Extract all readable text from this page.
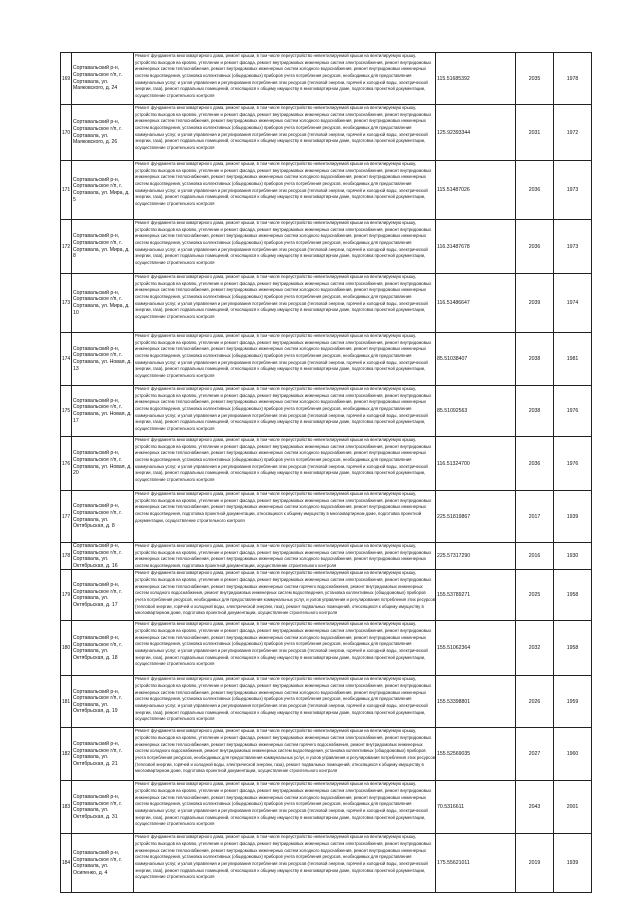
169	Сортавальский р-н, Сортавальское г/п, г. Сортавала, ул. Маяковского, д. 24	Ремонт фундамента многоквартирного дома, ремонт крыши, в том числе переустройство невентилируемой крыши на вентилируемую крышу, устройство выходов на кровлю, утепление и ремонт фасада, ремонт внутридомовых инженерных систем электроснабжения, ремонт внутридомовых инженерных систем теплоснабжения, ремонт внутридомовых инженерных систем холодного водоснабжения, ремонт внутридомовых инженерных систем водоотведения, установка коллективных (общедомовых) приборов учета потребления ресурсов, необходимых для предоставления коммунальных услуг, и узлов управления и регулирования потребления этих ресурсов (тепловой энергии, горячей и холодной воды, электрической энергии, газа), ремонт подвальных помещений, относящихся к общему имуществу в многоквартирном доме, подготовка проектной документации, осуществление строительного контроля	115.51685392	2035	1978
170	Сортавальский р-н, Сортавальское г/п, г. Сортавала, ул. Маяковского, д. 26	Ремонт фундамента многоквартирного дома, ремонт крыши, в том числе переустройство невентилируемой крыши на вентилируемую крышу, устройство выходов на кровлю, утепление и ремонт фасада, ремонт внутридомовых инженерных систем электроснабжения, ремонт внутридомовых инженерных систем теплоснабжения, ремонт внутридомовых инженерных систем холодного водоснабжения, ремонт внутридомовых инженерных систем водоотведения, установка коллективных (общедомовых) приборов учета потребления ресурсов, необходимых для предоставления коммунальных услуг, и узлов управления и регулирования потребления этих ресурсов (тепловой энергии, горячей и холодной воды, электрической энергии, газа), ремонт подвальных помещений, относящихся к общему имуществу в многоквартирном доме, подготовка проектной документации, осуществление строительного контроля	125.92393344	2031	1972
171	Сортавальский р-н, Сортавальское г/п, г. Сортавала, ул. Мира, д. 5	Ремонт фундамента многоквартирного дома, ремонт крыши, в том числе переустройство невентилируемой крыши на вентилируемую крышу, устройство выходов на кровлю, утепление и ремонт фасада, ремонт внутридомовых инженерных систем электроснабжения, ремонт внутридомовых инженерных систем теплоснабжения, ремонт внутридомовых инженерных систем холодного водоснабжения, ремонт внутридомовых инженерных систем водоотведения, установка коллективных (общедомовых) приборов учета потребления ресурсов, необходимых для предоставления коммунальных услуг, и узлов управления и регулирования потребления этих ресурсов (тепловой энергии, горячей и холодной воды, электрической энергии, газа), ремонт подвальных помещений, относящихся к общему имуществу в многоквартирном доме, подготовка проектной документации, осуществление строительного контроля	115.51487026	2036	1973
172	Сортавальский р-н, Сортавальское г/п, г. Сортавала, ул. Мира, д. 8	Ремонт фундамента многоквартирного дома, ремонт крыши, в том числе переустройство невентилируемой крыши на вентилируемую крышу, устройство выходов на кровлю, утепление и ремонт фасада, ремонт внутридомовых инженерных систем электроснабжения, ремонт внутридомовых инженерных систем теплоснабжения, ремонт внутридомовых инженерных систем холодного водоснабжения, ремонт внутридомовых инженерных систем водоотведения, установка коллективных (общедомовых) приборов учета потребления ресурсов, необходимых для предоставления коммунальных услуг, и узлов управления и регулирования потребления этих ресурсов (тепловой энергии, горячей и холодной воды, электрической энергии, газа), ремонт подвальных помещений, относящихся к общему имуществу в многоквартирном доме, подготовка проектной документации, осуществление строительного контроля	116.31487678	2036	1973
173	Сортавальский р-н, Сортавальское г/п, г. Сортавала, ул. Мира, д. 10	Ремонт фундамента многоквартирного дома, ремонт крыши, в том числе переустройство невентилируемой крыши на вентилируемую крышу, устройство выходов на кровлю, утепление и ремонт фасада, ремонт внутридомовых инженерных систем электроснабжения, ремонт внутридомовых инженерных систем теплоснабжения, ремонт внутридомовых инженерных систем холодного водоснабжения, ремонт внутридомовых инженерных систем водоотведения, установка коллективных (общедомовых) приборов учета потребления ресурсов, необходимых для предоставления коммунальных услуг, и узлов управления и регулирования потребления этих ресурсов (тепловой энергии, горячей и холодной воды, электрической энергии, газа), ремонт подвальных помещений, относящихся к общему имуществу в многоквартирном доме, подготовка проектной документации, осуществление строительного контроля	116.51486647	2039	1974
174	Сортавальский р-н, Сортавальское г/п, г. Сортавала, ул. Новая, д. 13	Ремонт фундамента многоквартирного дома, ремонт крыши, в том числе переустройство невентилируемой крыши на вентилируемую крышу, устройство выходов на кровлю, утепление и ремонт фасада, ремонт внутридомовых инженерных систем электроснабжения, ремонт внутридомовых инженерных систем теплоснабжения, ремонт внутридомовых инженерных систем холодного водоснабжения, ремонт внутридомовых инженерных систем водоотведения, установка коллективных (общедомовых) приборов учета потребления ресурсов, необходимых для предоставления коммунальных услуг, и узлов управления и регулирования потребления этих ресурсов (тепловой энергии, горячей и холодной воды, электрической энергии, газа), ремонт подвальных помещений, относящихся к общему имуществу в многоквартирном доме, подготовка проектной документации, осуществление строительного контроля	85.51038407	2038	1981
175	Сортавальский р-н, Сортавальское г/п, г. Сортавала, ул. Новая, д. 17	Ремонт фундамента многоквартирного дома, ремонт крыши, в том числе переустройство невентилируемой крыши на вентилируемую крышу, устройство выходов на кровлю, утепление и ремонт фасада, ремонт внутридомовых инженерных систем электроснабжения, ремонт внутридомовых инженерных систем теплоснабжения, ремонт внутридомовых инженерных систем холодного водоснабжения, ремонт внутридомовых инженерных систем водоотведения, установка коллективных (общедомовых) приборов учета потребления ресурсов, необходимых для предоставления коммунальных услуг, и узлов управления и регулирования потребления этих ресурсов (тепловой энергии, горячей и холодной воды, электрической энергии, газа), ремонт подвальных помещений, относящихся к общему имуществу в многоквартирном доме, подготовка проектной документации, осуществление строительного контроля	85.51092563	2038	1976
176	Сортавальский р-н, Сортавальское г/п, г. Сортавала, ул. Новая, д. 20	Ремонт фундамента многоквартирного дома, ремонт крыши, в том числе переустройство невентилируемой крыши на вентилируемую крышу, устройство выходов на кровлю, утепление и ремонт фасада, ремонт внутридомовых инженерных систем электроснабжения, ремонт внутридомовых инженерных систем теплоснабжения, ремонт внутридомовых инженерных систем холодного водоснабжения, ремонт внутридомовых инженерных систем водоотведения, установка коллективных (общедомовых) приборов учета потребления ресурсов, необходимых для предоставления коммунальных услуг, и узлов управления и регулирования потребления этих ресурсов (тепловой энергии, горячей и холодной воды, электрической энергии, газа), ремонт подвальных помещений, относящихся к общему имуществу в многоквартирном доме, подготовка проектной документации, осуществление строительного контроля	116.51324700	2036	1976
177	Сортавальский р-н, Сортавальское г/п, г. Сортавала, ул. Октябрьская, д. 8	Ремонт фундамента многоквартирного дома, ремонт крыши, в том числе переустройство невентилируемой крыши на вентилируемую крышу, устройство выходов на кровлю, утепление и ремонт фасада, ремонт внутридомовых инженерных систем электроснабжения, ремонт внутридомовых инженерных систем теплоснабжения, ремонт внутридомовых инженерных систем холодного водоснабжения, ремонт внутридомовых инженерных систем водоотведения, подготовка проектной документации, относящихся к общему имуществу в многоквартирном доме, подготовка проектной документации, осуществление строительного контроля	225.51819867	2017	1939
178	Сортавальский р-н, Сортавальское г/п, г. Сортавала, ул. Октябрьская, д. 16	Ремонт фундамента многоквартирного дома, ремонт крыши, в том числе переустройство невентилируемой крыши на вентилируемую крышу, устройство выходов на кровлю, утепление и ремонт фасада, ремонт внутридомовых инженерных систем электроснабжения, ремонт внутридомовых инженерных систем теплоснабжения, ремонт внутридомовых инженерных систем холодного водоснабжения, ремонт внутридомовых инженерных систем водоотведения, подготовка проектной документации, осуществление строительного контроля	225.57317290	2016	1930
179	Сортавальский р-н, Сортавальское г/п, г. Сортавала, ул. Октябрьская, д. 17	Ремонт фундамента многоквартирного дома, ремонт крыши, в том числе переустройство невентилируемой крыши на вентилируемую крышу, устройство выходов на кровлю, утепление и ремонт фасада, ремонт внутридомовых инженерных систем электроснабжения, ремонт внутридомовых инженерных систем теплоснабжения, ремонт внутридомовых инженерных систем горячего водоснабжения, ремонт внутридомовых инженерных систем холодного водоснабжения, ремонт внутридомовых инженерных систем водоотведения, установка коллективных (общедомовых) приборов учета потребления ресурсов, необходимых для предоставления коммунальных услуг, и узлов управления и регулирования потребления этих ресурсов (тепловой энергии, горячей и холодной воды, электрической энергии, газа), ремонт подвальных помещений, относящихся к общему имуществу в многоквартирном доме, подготовка проектной документации, осуществление строительного контроля	155.53789271	2025	1958
180	Сортавальский р-н, Сортавальское г/п, г. Сортавала, ул. Октябрьская, д. 18	Ремонт фундамента многоквартирного дома, ремонт крыши, в том числе переустройство невентилируемой крыши на вентилируемую крышу, устройство выходов на кровлю, утепление и ремонт фасада, ремонт внутридомовых инженерных систем электроснабжения, ремонт внутридомовых инженерных систем теплоснабжения, ремонт внутридомовых инженерных систем холодного водоснабжения, ремонт внутридомовых инженерных систем водоотведения, установка коллективных (общедомовых) приборов учета потребления ресурсов, необходимых для предоставления коммунальных услуг, и узлов управления и регулирования потребления этих ресурсов (тепловой энергии, горячей и холодной воды, электрической энергии, газа), ремонт подвальных помещений, относящихся к общему имуществу в многоквартирном доме, подготовка проектной документации, осуществление строительного контроля	155.51062364	2032	1958
181	Сортавальский р-н, Сортавальское г/п, г. Сортавала, ул. Октябрьская, д. 19	Ремонт фундамента многоквартирного дома, ремонт крыши, в том числе переустройство невентилируемой крыши на вентилируемую крышу, устройство выходов на кровлю, утепление и ремонт фасада, ремонт внутридомовых инженерных систем электроснабжения, ремонт внутридомовых инженерных систем теплоснабжения, ремонт внутридомовых инженерных систем холодного водоснабжения, ремонт внутридомовых инженерных систем водоотведения, установка коллективных (общедомовых) приборов учета потребления ресурсов, необходимых для предоставления коммунальных услуг, и узлов управления и регулирования потребления этих ресурсов (тепловой энергии, горячей и холодной воды, электрической энергии, газа), ремонт подвальных помещений, относящихся к общему имуществу в многоквартирном доме, подготовка проектной документации, осуществление строительного контроля	155.53398801	2026	1959
182	Сортавальский р-н, Сортавальское г/п, г. Сортавала, ул. Октябрьская, д. 21	Ремонт фундамента многоквартирного дома, ремонт крыши, в том числе переустройство невентилируемой крыши на вентилируемую крышу, устройство выходов на кровлю, утепление и ремонт фасада, ремонт внутридомовых инженерных систем электроснабжения, ремонт внутридомовых инженерных систем теплоснабжения, ремонт внутридомовых инженерных систем горячего водоснабжения, ремонт внутридомовых инженерных систем холодного водоснабжения, ремонт внутридомовых инженерных систем водоотведения, установка коллективных (общедомовых) приборов учета потребления ресурсов, необходимых для предоставления коммунальных услуг, и узлов управления и регулирования потребления этих ресурсов (тепловой энергии, горячей и холодной воды, электрической энергии, газа), ремонт подвальных помещений, относящихся к общему имуществу в многоквартирном доме, подготовка проектной документации, осуществление строительного контроля	155.52569035	2027	1960
183	Сортавальский р-н, Сортавальское г/п, г. Сортавала, ул. Октябрьская, д. 31	Ремонт фундамента многоквартирного дома, ремонт крыши, в том числе переустройство невентилируемой крыши на вентилируемую крышу, устройство выходов на кровлю, утепление и ремонт фасада, ремонт внутридомовых инженерных систем электроснабжения, ремонт внутридомовых инженерных систем теплоснабжения, ремонт внутридомовых инженерных систем холодного водоснабжения, ремонт внутридомовых инженерных систем водоотведения, установка коллективных (общедомовых) приборов учета потребления ресурсов, необходимых для предоставления коммунальных услуг, и узлов управления и регулирования потребления этих ресурсов (тепловой энергии, горячей и холодной воды, электрической энергии, газа), ремонт подвальных помещений, относящихся к общему имуществу в многоквартирном доме, подготовка проектной документации, осуществление строительного контроля	70.5316611	2043	2001
184	Сортавальский р-н, Сортавальское г/п, г. Сортавала, ул. Осипенко, д. 4	Ремонт фундамента многоквартирного дома, ремонт крыши, в том числе переустройство невентилируемой крыши на вентилируемую крышу, устройство выходов на кровлю, утепление и ремонт фасада, ремонт внутридомовых инженерных систем электроснабжения, ремонт внутридомовых инженерных систем теплоснабжения, ремонт внутридомовых инженерных систем холодного водоснабжения, ремонт внутридомовых инженерных систем водоотведения, установка коллективных (общедомовых) приборов учета потребления ресурсов, необходимых для предоставления коммунальных услуг, и узлов управления и регулирования потребления этих ресурсов (тепловой энергии, горячей и холодной воды, электрической энергии, газа), ремонт подвальных помещений, относящихся к общему имуществу в многоквартирном доме, подготовка проектной документации, осуществление строительного контроля	175.55621011	2019	1939
